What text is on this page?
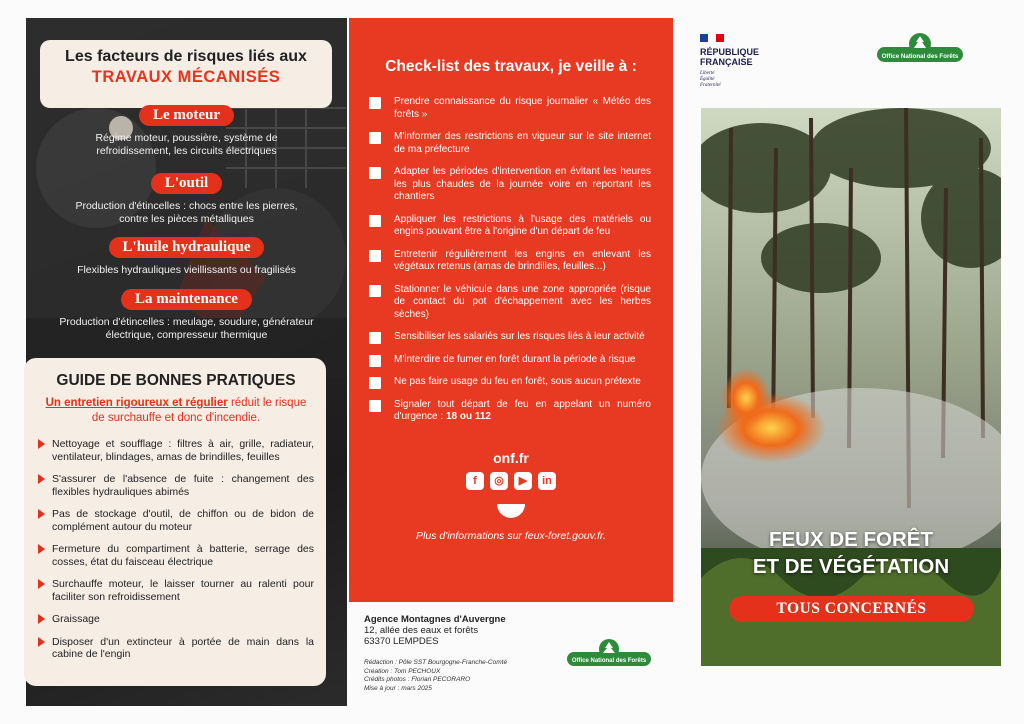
Les facteurs de risques liés aux
TRAVAUX MÉCANISÉS
Le moteur
Régime moteur, poussière, système de refroidissement, les circuits électriques
L'outil
Production d'étincelles : chocs entre les pierres, contre les pièces métalliques
L'huile hydraulique
Flexibles hydrauliques vieillissants ou fragilisés
La maintenance
Production d'étincelles : meulage, soudure, générateur électrique, compresseur thermique
GUIDE DE BONNES PRATIQUES
Un entretien rigoureux et régulier réduit le risque de surchauffe et donc d'incendie.
Nettoyage et soufflage : filtres à air, grille, radiateur, ventilateur, blindages, amas de brindilles, feuilles
S'assurer de l'absence de fuite : changement des flexibles hydrauliques abimés
Pas de stockage d'outil, de chiffon ou de bidon de complément autour du moteur
Fermeture du compartiment à batterie, serrage des cosses, état du faisceau électrique
Surchauffe moteur, le laisser tourner au ralenti pour faciliter son refroidissement
Graissage
Disposer d'un extincteur à portée de main dans la cabine de l'engin
Check-list des travaux, je veille à :
Prendre connaissance du risque journalier « Météo des forêts »
M'informer des restrictions en vigueur sur le site internet de ma préfecture
Adapter les périodes d'intervention en évitant les heures les plus chaudes de la journée voire en reportant les chantiers
Appliquer les restrictions à l'usage des matériels ou engins pouvant être à l'origine d'un départ de feu
Entretenir régulièrement les engins en enlevant les végétaux retenus (amas de brindilles, feuilles...)
Stationner le véhicule dans une zone appropriée (risque de contact du pot d'échappement avec les herbes sèches)
Sensibiliser les salariés sur les risques liés à leur activité
M'interdire de fumer en forêt durant la période à risque
Ne pas faire usage du feu en forêt, sous aucun prétexte
Signaler tout départ de feu en appelant un numéro d'urgence : 18 ou 112
onf.fr
f	◎	▶	in
Plus d'informations sur feux-foret.gouv.fr.
Agence Montagnes d'Auvergne
12, allée des eaux et forêts
63370 LEMPDES
Rédaction : Pôle SST Bourgogne-Franche-Comté
Création : Tom PECHOUX
Crédits photos : Florian PECORARO
Mise à jour : mars 2025
Office National des Forêts
RÉPUBLIQUE
FRANÇAISE
Liberté
Égalité
Fraternité
Office National des Forêts
FEUX DE FORÊT
ET DE VÉGÉTATION
TOUS CONCERNÉS
